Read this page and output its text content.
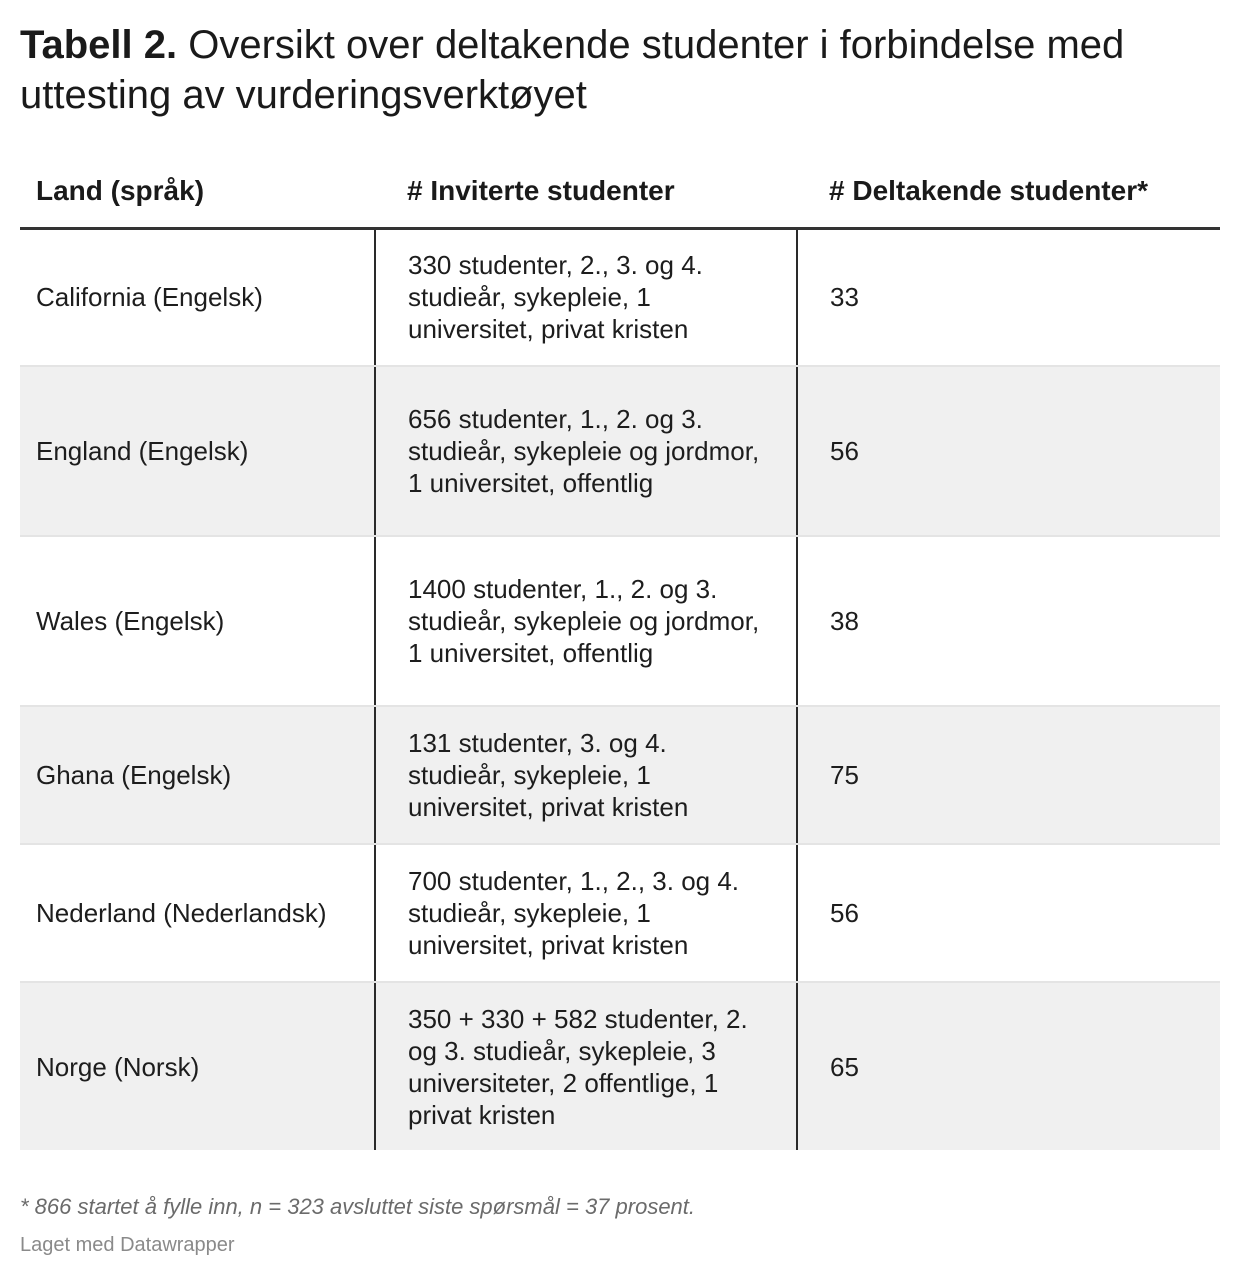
Tabell 2. Oversikt over deltakende studenter i forbindelse med uttesting av vurderingsverktøyet
Land (språk)	# Inviterte studenter	# Deltakende studenter*
California (Engelsk)	330 studenter, 2., 3. og 4. studieår, sykepleie, 1 universitet, privat kristen	33
England (Engelsk)	656 studenter, 1., 2. og 3. studieår, sykepleie og jordmor, 1 universitet, offentlig	56
Wales (Engelsk)	1400 studenter, 1., 2. og 3. studieår, sykepleie og jordmor, 1 universitet, offentlig	38
Ghana (Engelsk)	131 studenter, 3. og 4. studieår, sykepleie, 1 universitet, privat kristen	75
Nederland (Nederlandsk)	700 studenter, 1., 2., 3. og 4. studieår, sykepleie, 1 universitet, privat kristen	56
Norge (Norsk)	350 + 330 + 582 studenter, 2. og 3. studieår, sykepleie, 3 universiteter, 2 offentlige, 1 privat kristen	65
* 866 startet å fylle inn, n = 323 avsluttet siste spørsmål = 37 prosent.
Laget med Datawrapper
